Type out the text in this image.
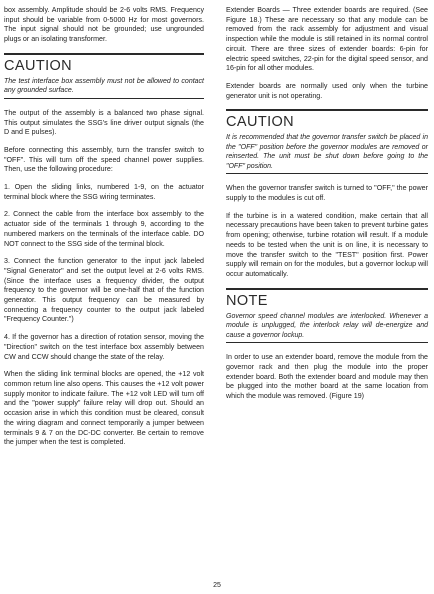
box assembly. Amplitude should be 2-6 volts RMS. Frequency input should be variable from 0-5000 Hz for most governors. The input signal should not be grounded; use ungrounded plugs or an isolating transformer.

CAUTION

The test interface box assembly must not be allowed to contact any grounded surface.

The output of the assembly is a balanced two phase signal. This output simulates the SSG's line driver output signals (the D and E pulses).

Before connecting this assembly, turn the transfer switch to "OFF". This will turn off the speed channel power supplies. Then, use the following procedure:

1. Open the sliding links, numbered 1-9, on the actuator terminal block where the SSG wiring terminates.

2. Connect the cable from the interface box assembly to the actuator side of the terminals 1 through 9, according to the numbered markers on the terminals of the interface cable. DO NOT connect to the SSG side of the terminal block.

3. Connect the function generator to the input jack labeled "Signal Generator" and set the output level at 2-6 volts RMS. (Since the interface uses a frequency divider, the output frequency to the governor will be one-half that of the function generator. This output frequency can be measured by connecting a frequency counter to the output jack labeled "Frequency Counter.")

4. If the governor has a direction of rotation sensor, moving the "Direction" switch on the test interface box assembly between CW and CCW should change the state of the relay.

When the sliding link terminal blocks are opened, the +12 volt common return line also opens. This causes the +12 volt power supply monitor to indicate failure. The +12 volt LED will turn off and the "power supply" failure relay will drop out. Should an occasion arise in which this condition must be cleared, consult the wiring diagram and connect temporarily a jumper between terminals 9 & 7 on the DC-DC converter. Be certain to remove the jumper when the test is completed.

Extender Boards — Three extender boards are required. (See Figure 18.) These are necessary so that any module can be removed from the rack assembly for adjustment and visual inspection while the module is still retained in its normal control circuit. There are three sizes of extender boards: 6-pin for electric speed switches, 22-pin for the digital speed sensor, and 16-pin for all other modules.

Extender boards are normally used only when the turbine generator unit is not operating.

CAUTION

It is recommended that the governor transfer switch be placed in the "OFF" position before the governor modules are removed or reinserted. The unit must be shut down before going to the "OFF" position.

When the governor transfer switch is turned to "OFF," the power supply to the modules is cut off.

If the turbine is in a watered condition, make certain that all necessary precautions have been taken to prevent turbine gates from opening; otherwise, turbine rotation will result. If a module needs to be tested when the unit is on line, it is necessary to move the transfer switch to the "TEST" position first. Power supply will remain on for the modules, but a governor lockup will occur automatically.

NOTE

Governor speed channel modules are interlocked. Whenever a module is unplugged, the interlock relay will de-energize and cause a governor lockup.

In order to use an extender board, remove the module from the governor rack and then plug the module into the proper extender board. Both the extender board and module may then be plugged into the mother board at the same location from which the module was removed. (Figure 19)

25
